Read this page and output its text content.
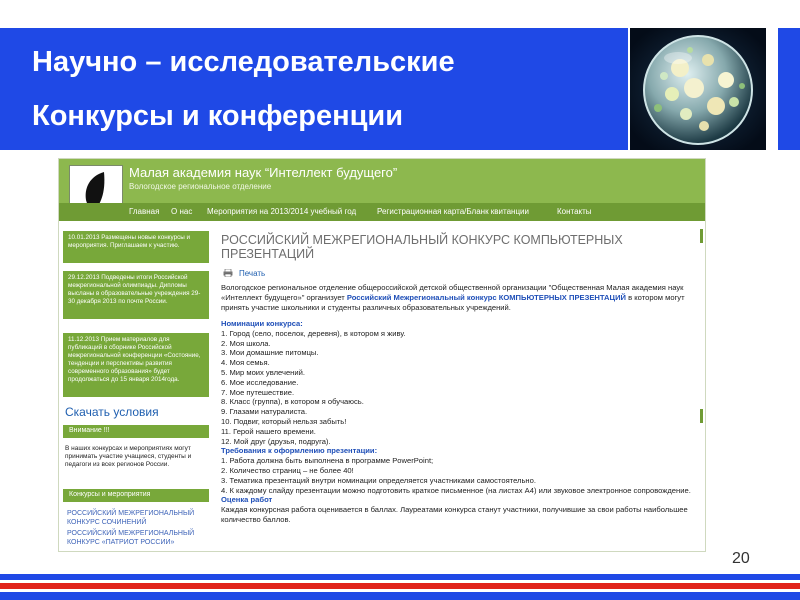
Научно – исследовательские
Конкурсы и конференции
Малая академия наук “Интеллект будущего”
Вологодское региональное отделение
Главная О нас Мероприятия на 2013/2014 учебный год	Регистрационная карта/Бланк квитанции	Контакты
10.01.2013 Размещены новые конкурсы и мероприятия. Приглашаем к участию.
29.12.2013 Подведены итоги Российской межрегиональной олимпиады. Дипломы высланы в образовательные учреждения 29-30 декабря 2013 по почте России.
11.12.2013 Прием материалов для публикаций в сборнике Российской межрегиональной конференции «Состояние, тенденции и перспективы развития современного образования» будет продолжаться до 15 января 2014года.
Скачать условия
Внимание !!!
В наших конкурсах и мероприятиях могут принимать участие учащиеся, студенты и педагоги из всех регионов России.
Конкурсы и мероприятия
РОССИЙСКИЙ МЕЖРЕГИОНАЛЬНЫЙ КОНКУРС СОЧИНЕНИЙ
РОССИЙСКИЙ МЕЖРЕГИОНАЛЬНЫЙ КОНКУРС «ПАТРИОТ РОССИИ»
РОССИЙСКИЙ МЕЖРЕГИОНАЛЬНЫЙ КОНКУРС КОМПЬЮТЕРНЫХ ПРЕЗЕНТАЦИЙ
Печать
Вологодское региональное отделение общероссийской детской общественной организации "Общественная Малая академия наук «Интеллект будущего»" организует Российский Межрегиональный конкурс КОМПЬЮТЕРНЫХ ПРЕЗЕНТАЦИЙ в котором могут принять участие школьники и студенты различных образовательных учреждений.
Номинации конкурса:
1. Город (село, поселок, деревня), в котором я живу.
2. Моя школа.
3. Мои домашние питомцы.
4. Моя семья.
5. Мир моих увлечений.
6. Мое исследование.
7. Мое путешествие.
8. Класс (группа), в котором я обучаюсь.
9. Глазами натуралиста.
10. Подвиг, который нельзя забыть!
11. Герой нашего времени.
12. Мой друг (друзья, подруга).
Требования к оформлению презентации:
1. Работа должна быть выполнена в программе PowerPoint;
2. Количество страниц – не более 40!
3. Тематика презентаций внутри номинации определяется участниками самостоятельно.
4. К каждому слайду презентации можно подготовить краткое письменное (на листах А4) или звуковое электронное сопровождение.
Оценка работ
Каждая конкурсная работа оценивается в баллах. Лауреатами конкурса станут участники, получившие за свои работы наибольшее количество баллов.
20
